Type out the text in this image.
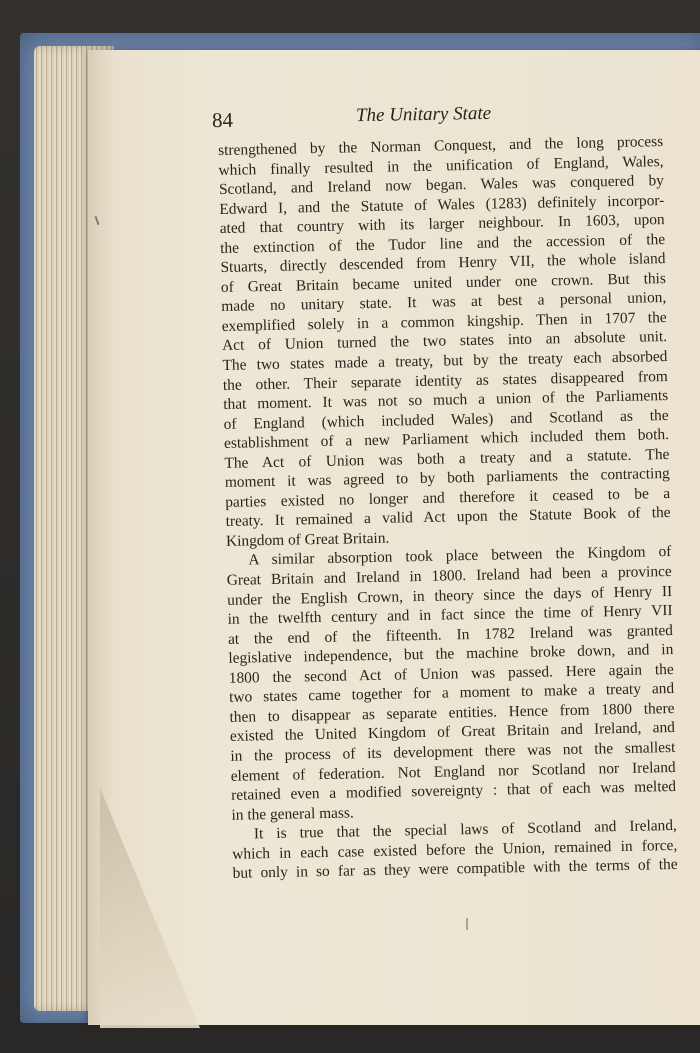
84	The Unitary State
strengthened by the Norman Conquest, and the long process
which finally resulted in the unification of England, Wales,
Scotland, and Ireland now began. Wales was conquered by
Edward I, and the Statute of Wales (1283) definitely incorpor-
ated that country with its larger neighbour. In 1603, upon
the extinction of the Tudor line and the accession of the
Stuarts, directly descended from Henry VII, the whole island
of Great Britain became united under one crown. But this
made no unitary state. It was at best a personal union,
exemplified solely in a common kingship. Then in 1707 the
Act of Union turned the two states into an absolute unit.
The two states made a treaty, but by the treaty each absorbed
the other. Their separate identity as states disappeared from
that moment. It was not so much a union of the Parliaments
of England (which included Wales) and Scotland as the
establishment of a new Parliament which included them both.
The Act of Union was both a treaty and a statute. The
moment it was agreed to by both parliaments the contracting
parties existed no longer and therefore it ceased to be a
treaty. It remained a valid Act upon the Statute Book of the
Kingdom of Great Britain.
A similar absorption took place between the Kingdom of
Great Britain and Ireland in 1800. Ireland had been a province
under the English Crown, in theory since the days of Henry II
in the twelfth century and in fact since the time of Henry VII
at the end of the fifteenth. In 1782 Ireland was granted
legislative independence, but the machine broke down, and in
1800 the second Act of Union was passed. Here again the
two states came together for a moment to make a treaty and
then to disappear as separate entities. Hence from 1800 there
existed the United Kingdom of Great Britain and Ireland, and
in the process of its development there was not the smallest
element of federation. Not England nor Scotland nor Ireland
retained even a modified sovereignty : that of each was melted
in the general mass.
It is true that the special laws of Scotland and Ireland,
which in each case existed before the Union, remained in force,
but only in so far as they were compatible with the terms of the
